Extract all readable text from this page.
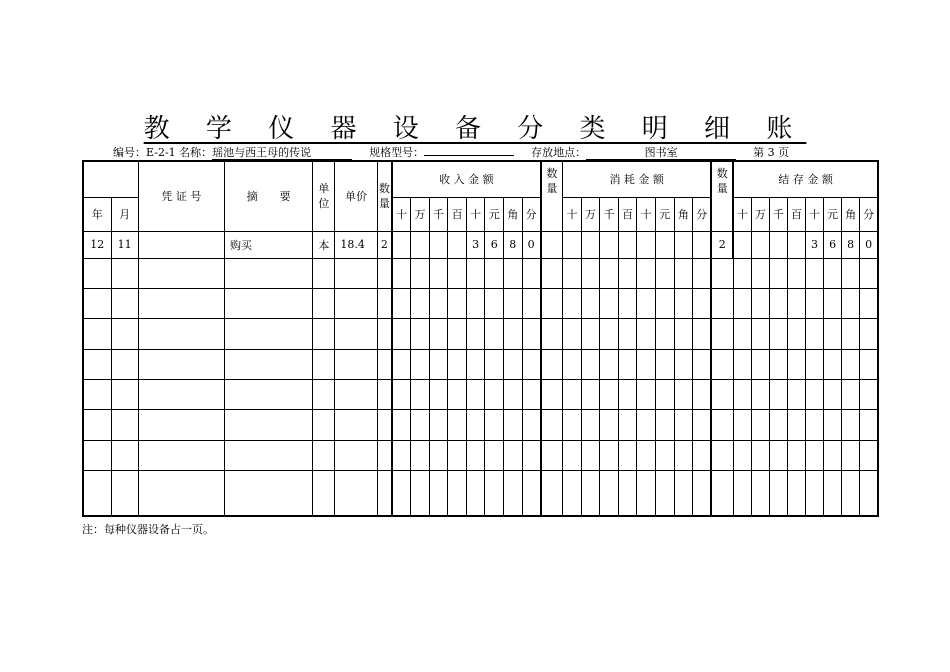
教 学 仪 器 设 备 分 类 明 细 账
编号：E-2-1 名称：瑶池与西王母的传说	规格型号：	存放地点：	图书室	第 3 页
		凭 证 号	摘　　要	单位	单价	数量	收 入 金 额								数量	消 耗 金 额								数量	结 存 金 额							
年	月						十	万	千	百	十	元	角	分		十	万	千	百	十	元	角	分		十	万	千	百	十	元	角	分
12	11		购买	本	18.4	2					3	6	8	0										2					3	6	8	0

注：每种仪器设备占一页。
